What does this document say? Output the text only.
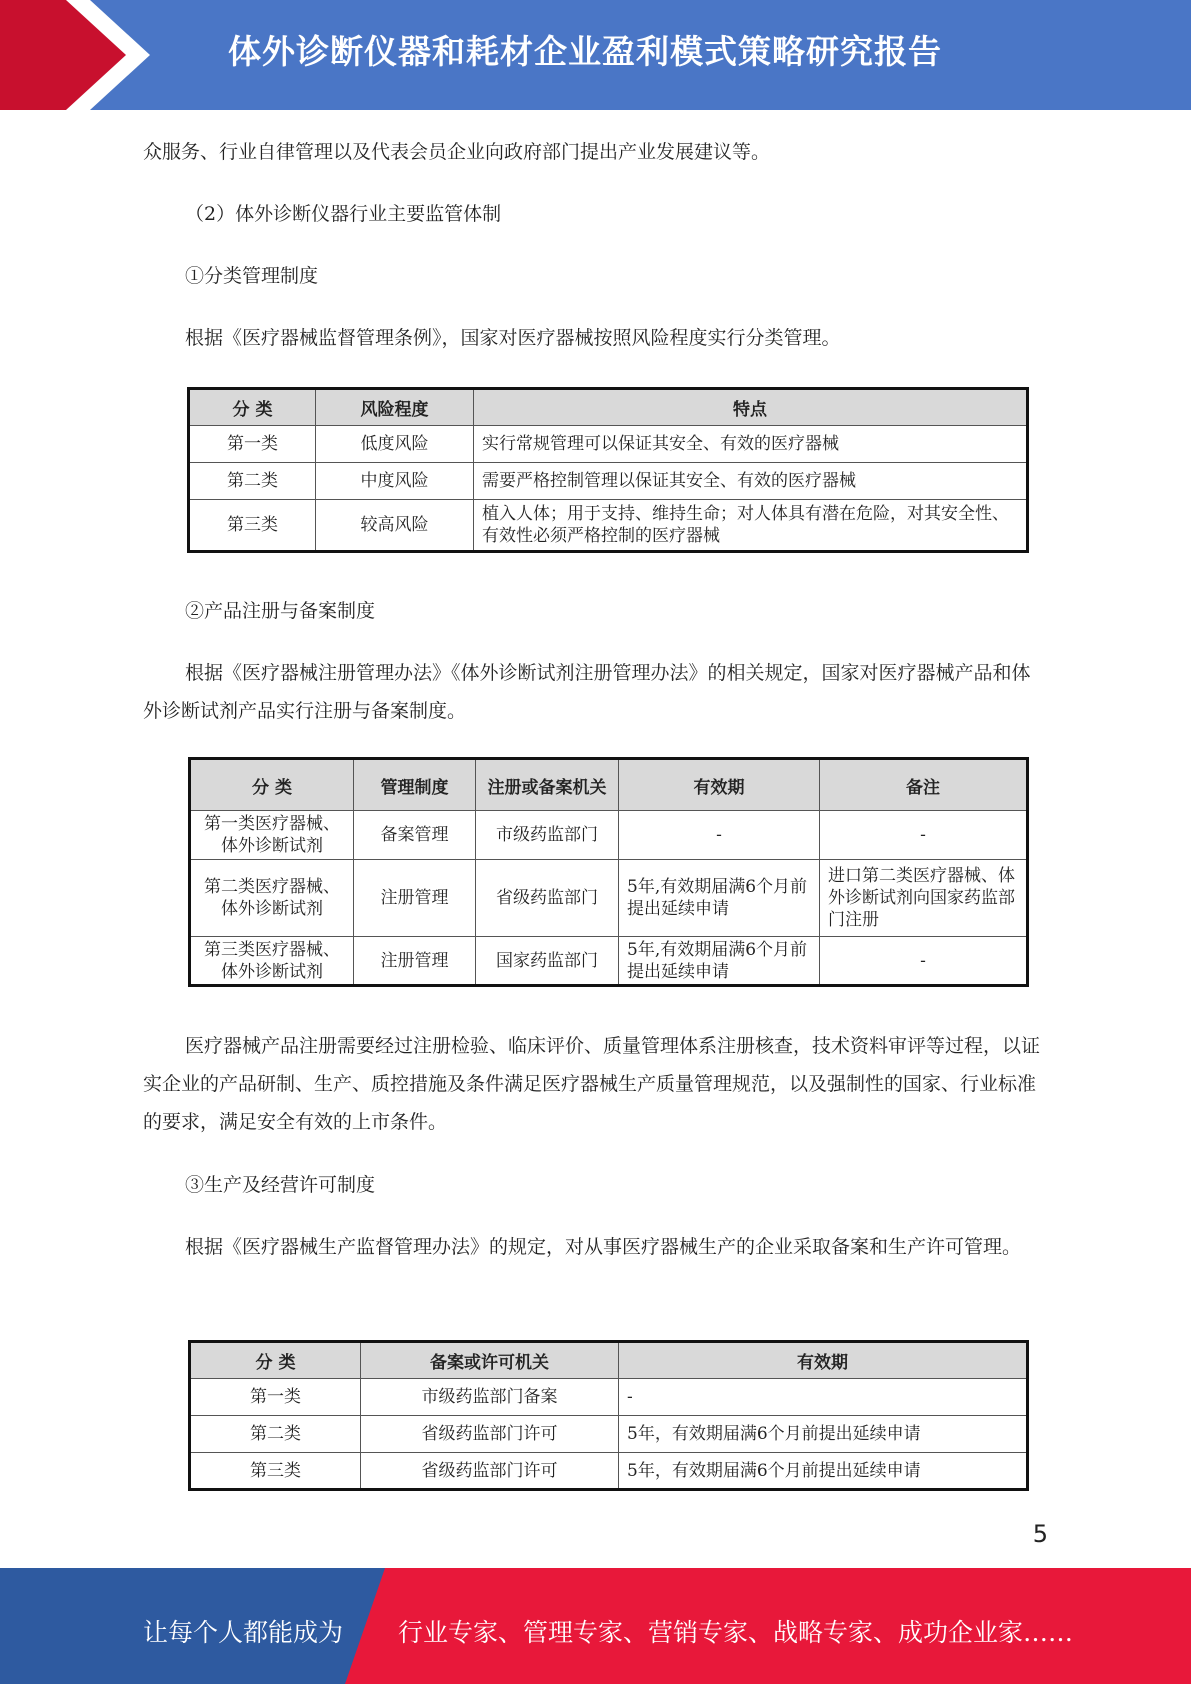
体外诊断仪器和耗材企业盈利模式策略研究报告
众服务、行业自律管理以及代表会员企业向政府部门提出产业发展建议等。
（2）体外诊断仪器行业主要监管体制
①分类管理制度
根据《医疗器械监督管理条例》，国家对医疗器械按照风险程度实行分类管理。
分 类	风险程度	特点
第一类	低度风险	实行常规管理可以保证其安全、有效的医疗器械
第二类	中度风险	需要严格控制管理以保证其安全、有效的医疗器械
第三类	较高风险	植入人体；用于支持、维持生命；对人体具有潜在危险，对其安全性、有效性必须严格控制的医疗器械
②产品注册与备案制度
根据《医疗器械注册管理办法》《体外诊断试剂注册管理办法》的相关规定，国家对医疗器械产品和体外诊断试剂产品实行注册与备案制度。
分 类	管理制度	注册或备案机关	有效期	备注
第一类医疗器械、体外诊断试剂	备案管理	市级药监部门	-	-
第二类医疗器械、体外诊断试剂	注册管理	省级药监部门	5年,有效期届满6个月前提出延续申请	进口第二类医疗器械、体外诊断试剂向国家药监部门注册
第三类医疗器械、体外诊断试剂	注册管理	国家药监部门	5年,有效期届满6个月前提出延续申请	-
医疗器械产品注册需要经过注册检验、临床评价、质量管理体系注册核查，技术资料审评等过程，以证实企业的产品研制、生产、质控措施及条件满足医疗器械生产质量管理规范，以及强制性的国家、行业标准的要求，满足安全有效的上市条件。
③生产及经营许可制度
根据《医疗器械生产监督管理办法》的规定，对从事医疗器械生产的企业采取备案和生产许可管理。
分 类	备案或许可机关	有效期
第一类	市级药监部门备案	-
第二类	省级药监部门许可	5年，有效期届满6个月前提出延续申请
第三类	省级药监部门许可	5年，有效期届满6个月前提出延续申请
5
让每个人都能成为 行业专家、管理专家、营销专家、战略专家、成功企业家……
